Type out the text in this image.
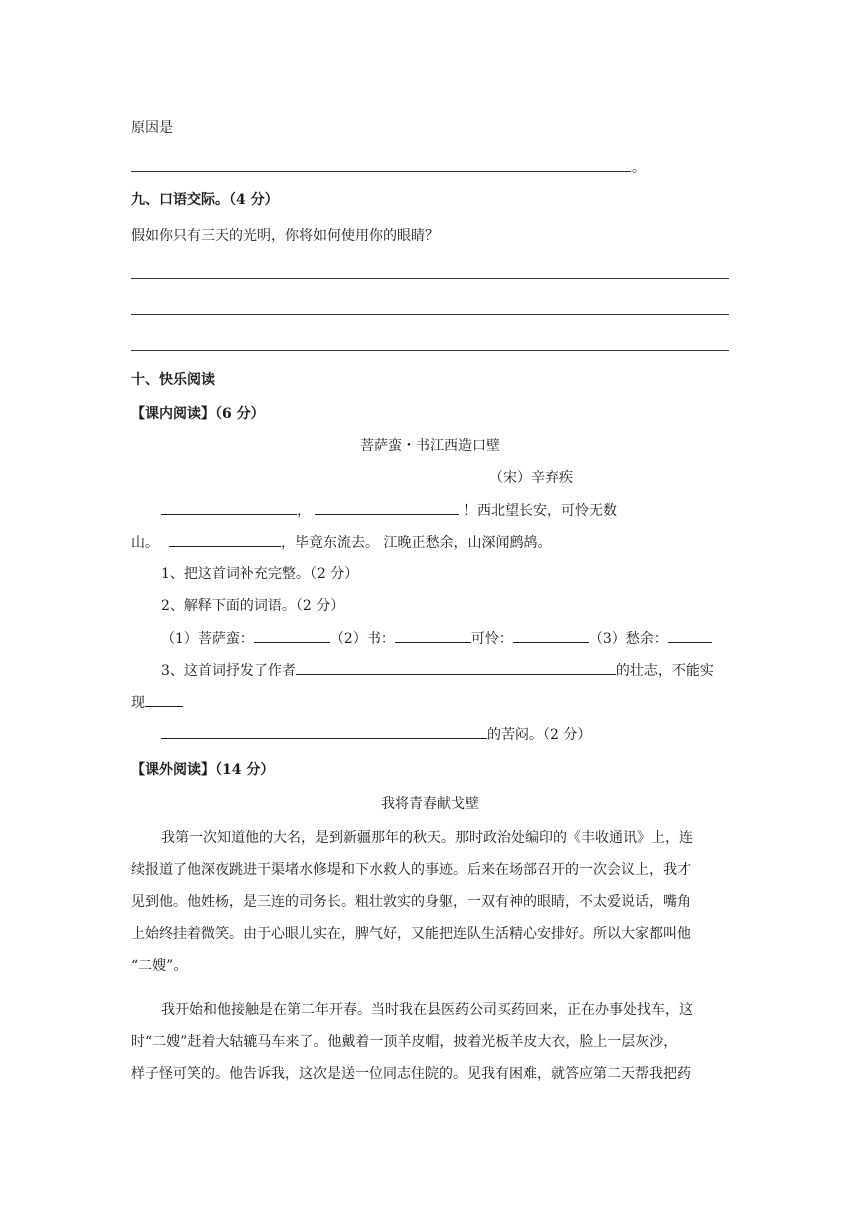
原因是
。
九、口语交际。（4 分）
假如你只有三天的光明，你将如何使用你的眼睛？
十、快乐阅读
【课内阅读】（6 分）
菩萨蛮・书江西造口壁
（宋）辛弃疾
，	！西北望长安，可怜无数
山。	，毕竟东流去。 江晚正愁余，山深闻鹧鸪。
1、把这首词补充完整。（2 分）
2、解释下面的词语。（2 分）
（1）菩萨蛮：	（2）书：	可怜：	（3）愁余：
3、这首词抒发了作者	的壮志，不能实
现
的苦闷。（2 分）
【课外阅读】（14 分）
我将青春献戈壁
我第一次知道他的大名，是到新疆那年的秋天。那时政治处编印的《丰收通讯》上，连
续报道了他深夜跳进干渠堵水修堤和下水救人的事迹。后来在场部召开的一次会议上，我才
见到他。他姓杨，是三连的司务长。粗壮敦实的身躯，一双有神的眼睛，不太爱说话，嘴角
上始终挂着微笑。由于心眼儿实在，脾气好，又能把连队生活精心安排好。所以大家都叫他
“二嫂”。
我开始和他接触是在第二年开春。当时我在县医药公司买药回来，正在办事处找车，这
时“二嫂”赶着大轱辘马车来了。他戴着一顶羊皮帽，披着光板羊皮大衣，脸上一层灰沙，
样子怪可笑的。他告诉我，这次是送一位同志住院的。见我有困难，就答应第二天帮我把药
